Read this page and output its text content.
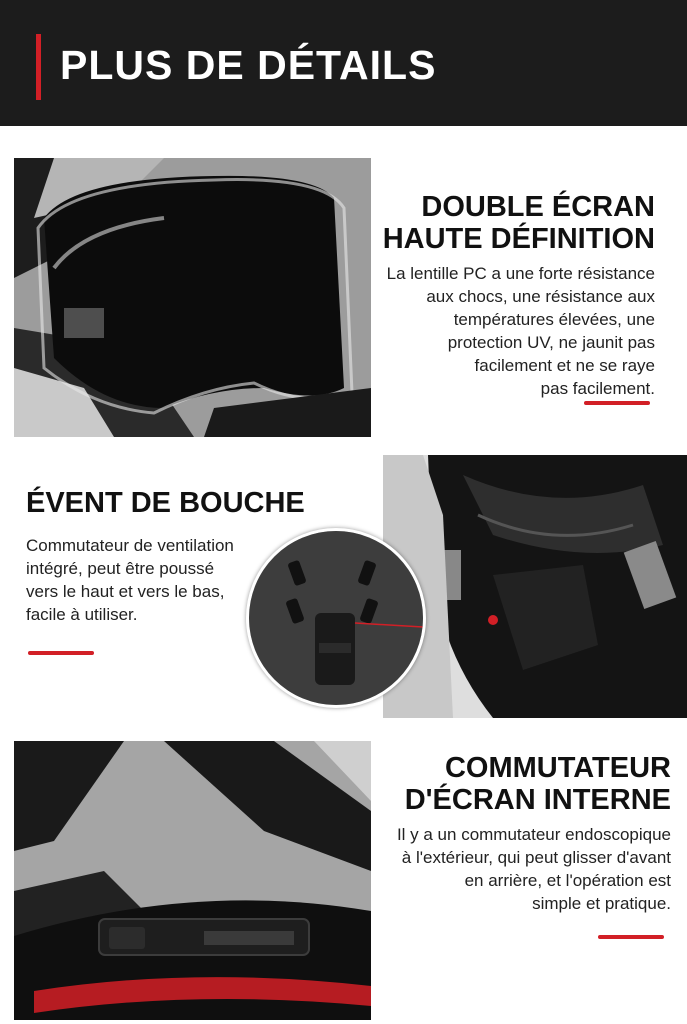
PLUS DE DÉTAILS
DOUBLE ÉCRAN
HAUTE DÉFINITION
La lentille PC a une forte résistance
aux chocs, une résistance aux
températures élevées, une
protection UV, ne jaunit pas
facilement et ne se raye
pas facilement.
ÉVENT DE BOUCHE
Commutateur de ventilation
intégré, peut être poussé
vers le haut et vers le bas,
facile à utiliser.
COMMUTATEUR
D'ÉCRAN INTERNE
Il y a un commutateur endoscopique
à l'extérieur, qui peut glisser d'avant
en arrière, et l'opération est
simple et pratique.
